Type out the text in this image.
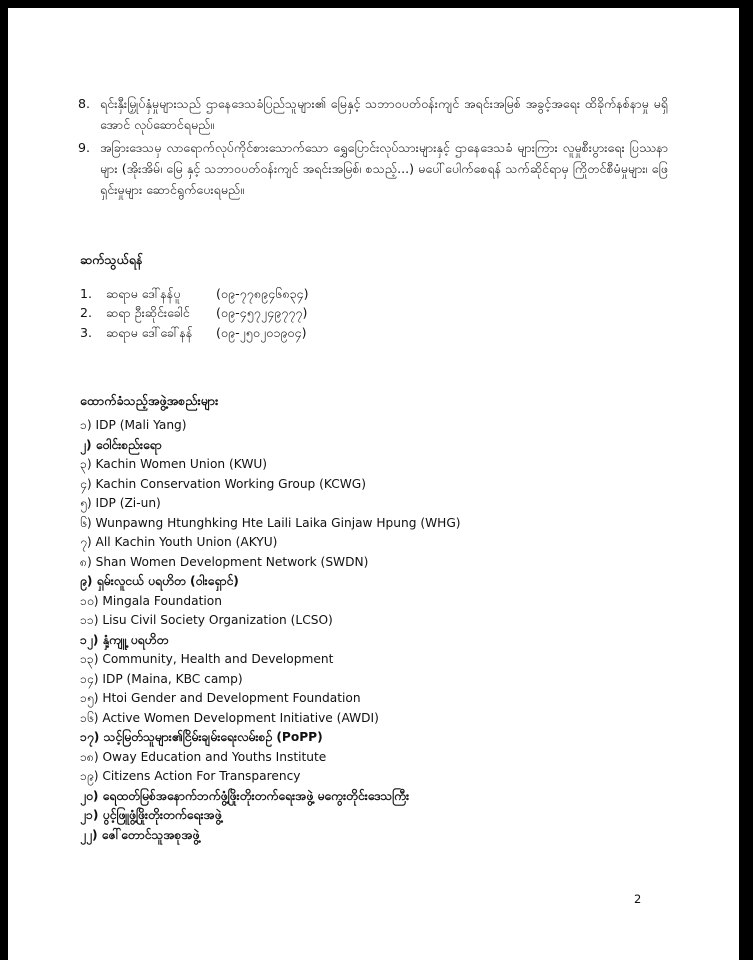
8. ရင်းနှီးမြှုပ်နှံမှုများသည် ဌာနေဒေသခံပြည်သူများ၏ မြေနှင့် သဘာဝပတ်ဝန်းကျင် အရင်းအမြစ် အခွင့်အရေး ထိခိုက်နစ်နာမှု မရှိအောင် လုပ်ဆောင်ရမည်။
9. အခြားဒေသမှ လာရောက်လုပ်ကိုင်စားသောက်သော ရွှေပြောင်းလုပ်သားများနှင့် ဌာနေဒေသခံ များကြား လူမှုစီးပွားရေး ပြဿနာများ (အိုးအိမ်၊ မြေ နှင့် သဘာဝပတ်ဝန်းကျင် အရင်းအမြစ်၊ စသည့်...) မပေါ်ပေါက်စေရန် သက်ဆိုင်ရာမှ ကြိုတင်စီမံမှုများ၊ ဖြေရှင်းမှုများ ဆောင်ရွက်ပေးရမည်။
ဆက်သွယ်ရန်
1.	ဆရာမ ဒေါ်နန်ပူ	(၀၉-၇၇၈၉၄၆၈၃၄)
2.	ဆရာ ဦးဆိုင်းခေါင်	(၀၉-၄၅၇၂၄၉၇၇၇)
3.	ဆရာမ ဒေါ်ခေါ်နန်	(၀၉-၂၅၀၂၀၁၉၀၄)
ထောက်ခံသည့်အဖွဲ့အစည်းများ
၁) IDP (Mali Yang)
၂) ဝေါင်းစည်းရော
၃) Kachin Women Union (KWU)
၄) Kachin Conservation Working Group (KCWG)
၅) IDP (Zi-un)
၆) Wunpawng Htunghking Hte Laili Laika Ginjaw Hpung (WHG)
၇) All Kachin Youth Union (AKYU)
၈) Shan Women Development Network (SWDN)
၉) ရှမ်းလူငယ် ပရဟိတ (ဝါးရှောင်)
၁၀) Mingala Foundation
၁၁) Lisu Civil Society Organization (LCSO)
၁၂) နှံ့ကျူ့ ပရဟိတ
၁၃) Community, Health and Development
၁၄) IDP (Maina, KBC camp)
၁၅) Htoi Gender and Development Foundation
၁၆) Active Women Development Initiative (AWDI)
၁၇) သင့်မြတ်သူများ၏ငြိမ်းချမ်းရေးလမ်းစဉ် (PoPP)
၁၈) Oway Education and Youths Institute
၁၉) Citizens Action For Transparency
၂၀) ရေထတ်မြစ်အနောက်ဘက်ဖွံ့ဖြိုးတိုးတက်ရေးအဖွဲ့ မကွေးတိုင်းဒေသကြီး
၂၁) ပွင့်ဖြူဖွံ့ဖြိုးတိုးတက်ရေးအဖွဲ့
၂၂) ဇေါ်တောင်သူအစုအဖွဲ့
2
